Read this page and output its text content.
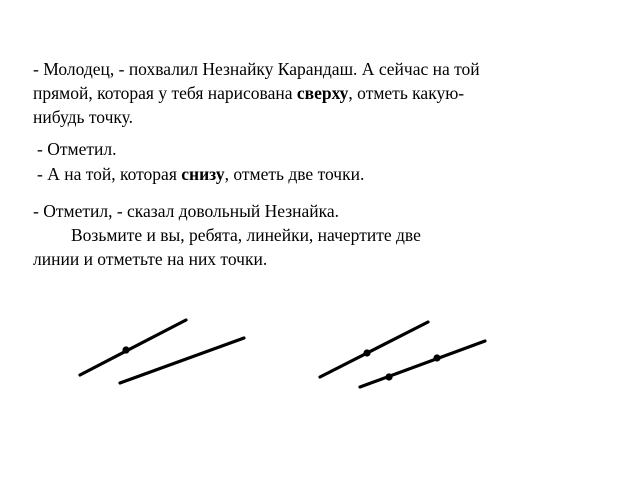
- Молодец, - похвалил Незнайку Карандаш. А сейчас на той
прямой, которая у тебя нарисована сверху, отметь какую-
нибудь точку.
- Отметил.
- А на той, которая снизу, отметь две точки.
- Отметил, - сказал довольный Незнайка.
Возьмите и вы, ребята, линейки, начертите две
линии и отметьте на них точки.
